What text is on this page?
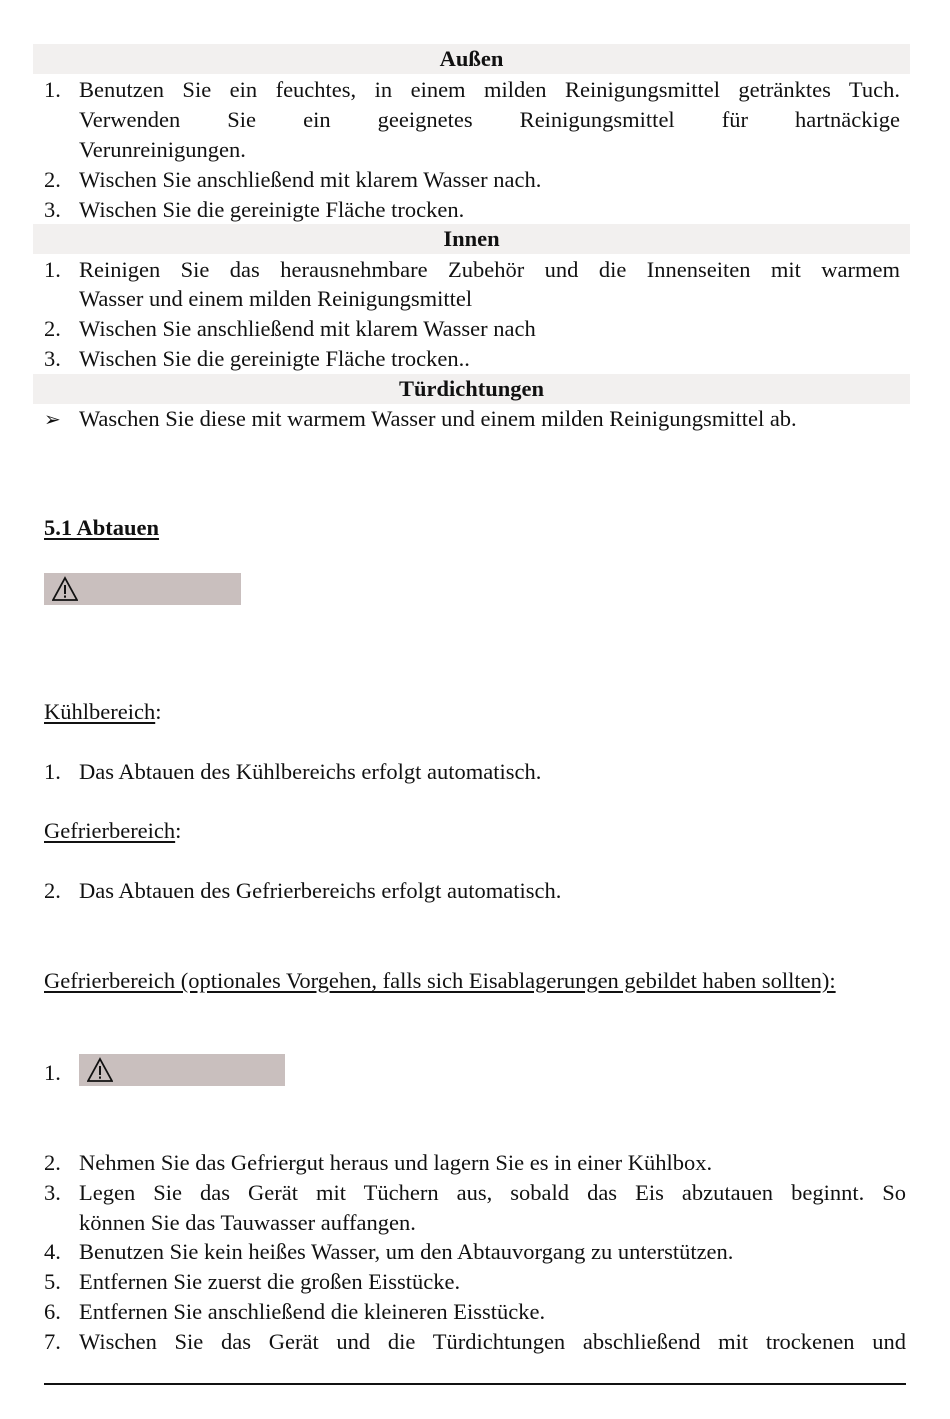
Außen
1. Benutzen Sie ein feuchtes, in einem milden Reinigungsmittel getränktes Tuch.
Verwenden Sie ein geeignetes Reinigungsmittel für hartnäckige
Verunreinigungen.
2. Wischen Sie anschließend mit klarem Wasser nach.
3. Wischen Sie die gereinigte Fläche trocken.
Innen
1. Reinigen Sie das herausnehmbare Zubehör und die Innenseiten mit warmem
Wasser und einem milden Reinigungsmittel
2. Wischen Sie anschließend mit klarem Wasser nach
3. Wischen Sie die gereinigte Fläche trocken..
Türdichtungen
➢ Waschen Sie diese mit warmem Wasser und einem milden Reinigungsmittel ab.
5.1 Abtauen
Kühlbereich:
1. Das Abtauen des Kühlbereichs erfolgt automatisch.
Gefrierbereich:
2. Das Abtauen des Gefrierbereichs erfolgt automatisch.
Gefrierbereich (optionales Vorgehen, falls sich Eisablagerungen gebildet haben sollten):
1.
2. Nehmen Sie das Gefriergut heraus und lagern Sie es in einer Kühlbox.
3. Legen Sie das Gerät mit Tüchern aus, sobald das Eis abzutauen beginnt. So
können Sie das Tauwasser auffangen.
4. Benutzen Sie kein heißes Wasser, um den Abtauvorgang zu unterstützen.
5. Entfernen Sie zuerst die großen Eisstücke.
6. Entfernen Sie anschließend die kleineren Eisstücke.
7. Wischen Sie das Gerät und die Türdichtungen abschließend mit trockenen und
